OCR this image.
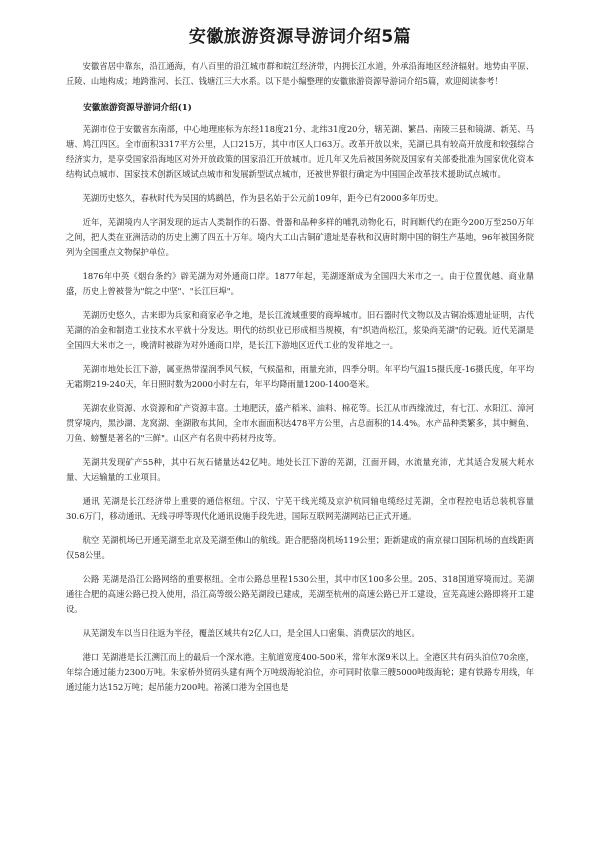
安徽旅游资源导游词介绍5篇

安徽省居中靠东，沿江通海，有八百里的沿江城市群和皖江经济带，内拥长江水道，外承沿海地区经济辐射。地势由平原、丘陵、山地构成；地跨淮河、长江、钱塘江三大水系。以下是小编整理的安徽旅游资源导游词介绍5篇，欢迎阅读参考！

安徽旅游资源导游词介绍(1)

芜湖市位于安徽省东南部，中心地理座标为东经118度21分、北纬31度20分，辖芜湖、繁昌、南陵三县和镜湖、新芜、马塘、鸠江四区。全市面积3317平方公里，人口215万，其中市区人口63万。改革开放以来，芜湖已具有较高开放度和较强综合经济实力，是享受国家沿海地区对外开放政策的国家沿江开放城市。近几年又先后被国务院及国家有关部委批准为国家优化资本结构试点城市、国家技术创新区域试点城市和发展新型试点城市，还被世界银行确定为中国国企改革技术援助试点城市。

芜湖历史悠久，春秋时代为吴国的鸠鹚邑，作为县名始于公元前109年，距今已有2000多年历史。

近年，芜湖境内人字洞发现的远古人类制作的石器、骨器和品种多样的哺乳动物化石，时间断代约在距今200万至250万年之间，把人类在亚洲活动的历史上溯了四五十万年。境内大工山古铜矿遗址是春秋和汉唐时期中国的铜生产基地，96年被国务院列为全国重点文物保护单位。

1876年中英《烟台条约》辟芜湖为对外通商口岸。1877年起，芜湖逐渐成为全国四大米市之一。由于位置优越、商业鼎盛，历史上曾被誉为"皖之中坚"、"长江巨埠"。

芜湖历史悠久，古来即为兵家和商家必争之地，是长江流域重要的商埠城市。旧石器时代文物以及古铜冶炼遗址证明，古代芜湖的冶金和制造工业技术水平就十分发达。明代的纺织业已形成相当规模，有"织造尚松江，浆染尚芜湖"的记载。近代芜湖是全国四大米市之一，晚清时被辟为对外通商口岸，是长江下游地区近代工业的发祥地之一。

芜湖市地处长江下游，属亚热带湿润季风气候，气候温和，雨量充沛，四季分明。年平均气温15摄氏度-16摄氏度，年平均无霜期219-240天，年日照时数为2000小时左右，年平均降雨量1200-1400毫米。

芜湖农业资源、水资源和矿产资源丰富。土地肥沃，盛产稻米、油料、棉花等。长江从市西缘流过，有七江、水阳江、漳河贯穿境内，黑沙湖、龙窝湖、奎湖散布其间，全市水面面积达478平方公里，占总面积的14.4%。水产品种类繁多，其中鲥鱼、刀鱼、螃蟹是著名的"三鲜"。山区产有名贵中药材丹皮等。

芜湖共发现矿产55种，其中石灰石储量达42亿吨。地处长江下游的芜湖，江面开阔，水流量充沛，尤其适合发展大耗水量、大运输量的工业项目。

通讯 芜湖是长江经济带上重要的通信枢纽。宁汉、宁芜干线光缆及京沪杭同轴电缆经过芜湖，全市程控电话总装机容量30.6万门，移动通讯、无线寻呼等现代化通讯设施手段先进，国际互联网芜湖网站已正式开通。

航空 芜湖机场已开通芜湖至北京及芜湖至佛山的航线。距合肥骆岗机场119公里；距新建成的南京禄口国际机场的直线距离仅58公里。

公路 芜湖是沿江公路网络的重要枢纽。全市公路总里程1530公里，其中市区100多公里。205、318国道穿境而过。芜湖通往合肥的高速公路已投入使用，沿江高等级公路芜湖段已建成，芜湖至杭州的高速公路已开工建设，宣芜高速公路即将开工建设。

从芜湖发车以当日往返为半径，覆盖区域共有2亿人口，是全国人口密集、消费层次的地区。

港口 芜湖港是长江溯江而上的最后一个深水港。主航道宽度400-500米，常年水深9米以上。全港区共有码头泊位70余座，年综合通过能力2300万吨。朱家桥外贸码头建有两个万吨级海轮泊位，亦可同时依靠三艘5000吨级海轮；建有铁路专用线，年通过能力达152万吨；起吊能力200吨。裕溪口港为全国也是
